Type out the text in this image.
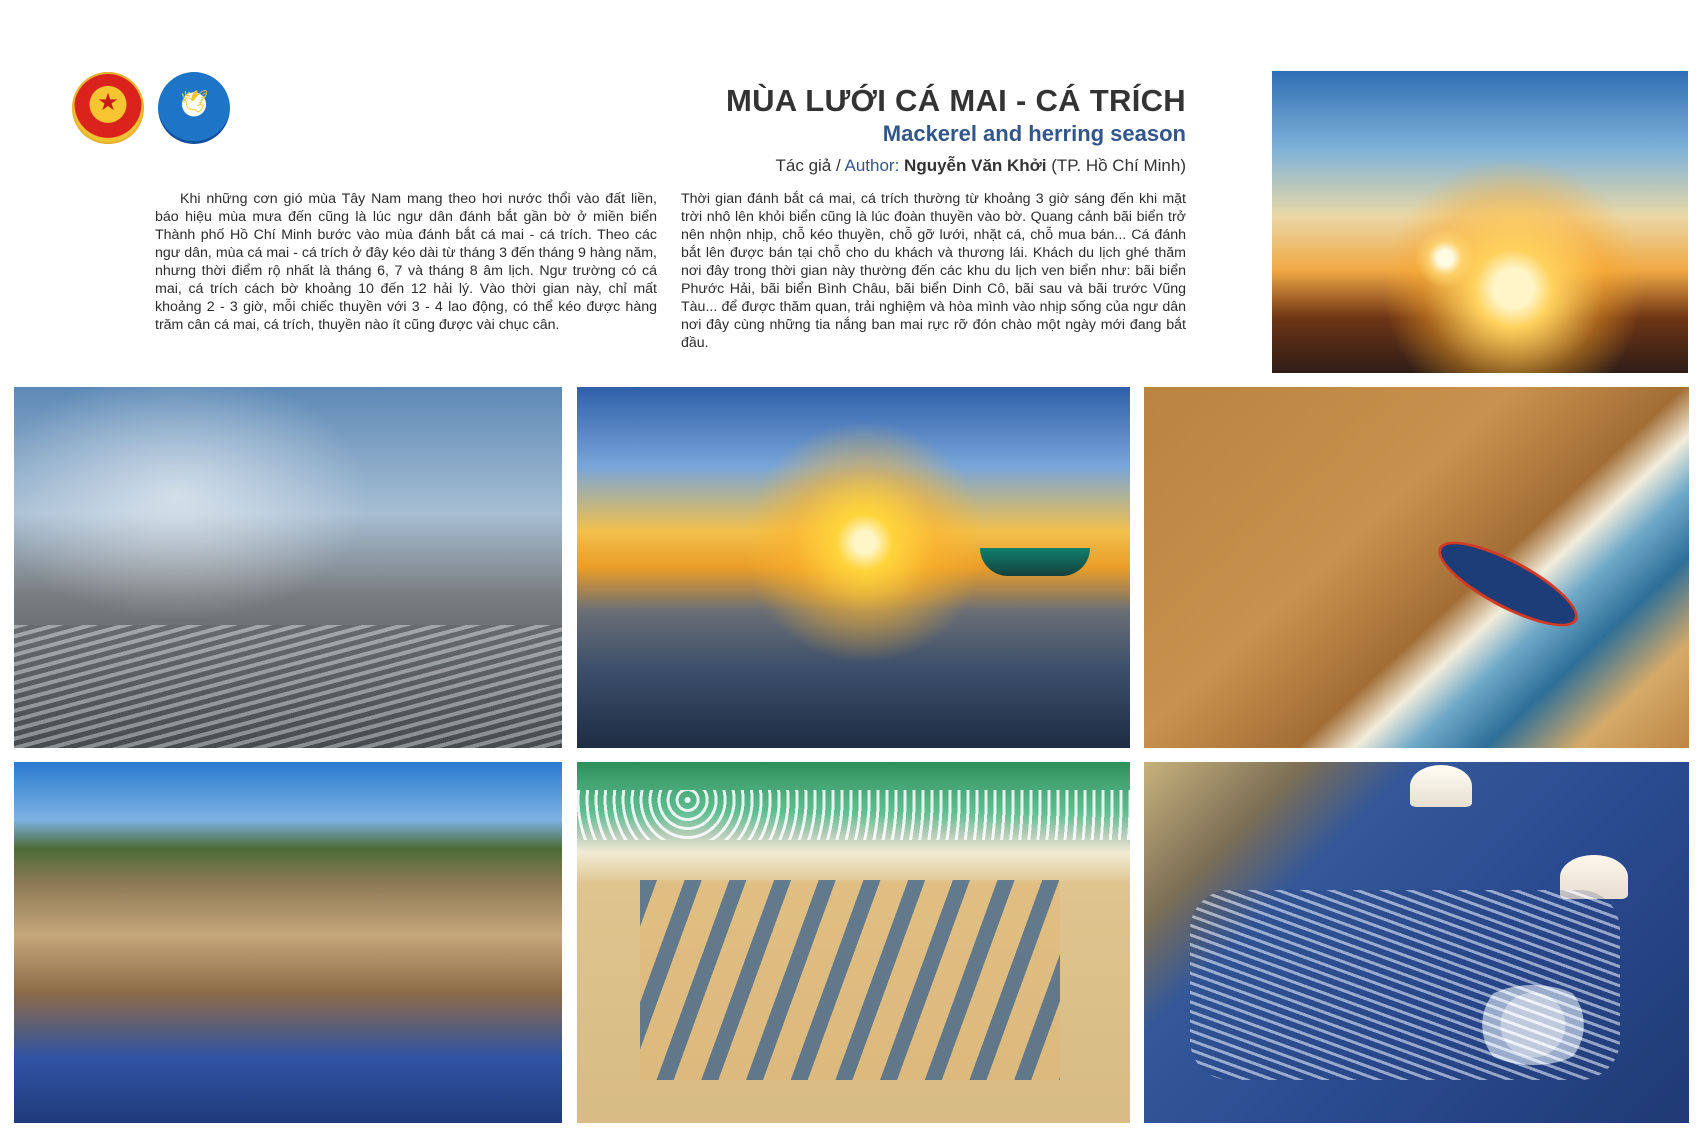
★
🕊
MÙA LƯỚI CÁ MAI - CÁ TRÍCH
Mackerel and herring season
Tác giả / Author: Nguyễn Văn Khởi (TP. Hồ Chí Minh)
Khi những cơn gió mùa Tây Nam mang theo hơi nước thổi vào đất liền, báo hiệu mùa mưa đến cũng là lúc ngư dân đánh bắt gần bờ ở miền biển Thành phố Hồ Chí Minh bước vào mùa đánh bắt cá mai - cá trích. Theo các ngư dân, mùa cá mai - cá trích ở đây kéo dài từ tháng 3 đến tháng 9 hàng năm, nhưng thời điểm rộ nhất là tháng 6, 7 và tháng 8 âm lịch. Ngư trường có cá mai, cá trích cách bờ khoảng 10 đến 12 hải lý. Vào thời gian này, chỉ mất khoảng 2 - 3 giờ, mỗi chiếc thuyền với 3 - 4 lao động, có thể kéo được hàng trăm cân cá mai, cá trích, thuyền nào ít cũng được vài chục cân.
Thời gian đánh bắt cá mai, cá trích thường từ khoảng 3 giờ sáng đến khi mặt trời nhô lên khỏi biển cũng là lúc đoàn thuyền vào bờ. Quang cảnh bãi biển trở nên nhộn nhịp, chỗ kéo thuyền, chỗ gỡ lưới, nhặt cá, chỗ mua bán... Cá đánh bắt lên được bán tại chỗ cho du khách và thương lái. Khách du lịch ghé thăm nơi đây trong thời gian này thường đến các khu du lịch ven biển như: bãi biển Phước Hải, bãi biển Bình Châu, bãi biển Dinh Cô, bãi sau và bãi trước Vũng Tàu... để được thăm quan, trải nghiệm và hòa mình vào nhịp sống của ngư dân nơi đây cùng những tia nắng ban mai rực rỡ đón chào một ngày mới đang bắt đầu.
